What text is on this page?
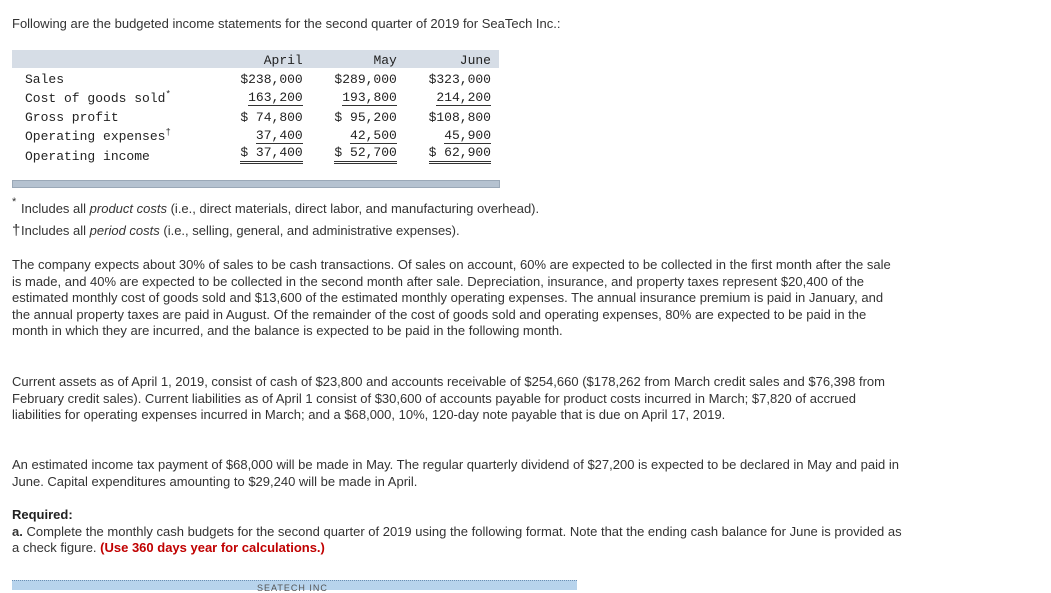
Following are the budgeted income statements for the second quarter of 2019 for SeaTech Inc.:

	April		May		June
Sales	$238,000		$289,000		$323,000
Cost of goods sold*	163,200		193,800		214,200
Gross profit	$ 74,800		$ 95,200		$108,800
Operating expenses†	37,400		42,500		45,900
Operating income	$ 37,400		$ 52,700		$ 62,900
* Includes all product costs (i.e., direct materials, direct labor, and manufacturing overhead).
†Includes all period costs (i.e., selling, general, and administrative expenses).

The company expects about 30% of sales to be cash transactions. Of sales on account, 60% are expected to be collected in the first month after the sale is made, and 40% are expected to be collected in the second month after sale. Depreciation, insurance, and property taxes represent $20,400 of the estimated monthly cost of goods sold and $13,600 of the estimated monthly operating expenses. The annual insurance premium is paid in January, and the annual property taxes are paid in August. Of the remainder of the cost of goods sold and operating expenses, 80% are expected to be paid in the month in which they are incurred, and the balance is expected to be paid in the following month.

Current assets as of April 1, 2019, consist of cash of $23,800 and accounts receivable of $254,660 ($178,262 from March credit sales and $76,398 from February credit sales). Current liabilities as of April 1 consist of $30,600 of accounts payable for product costs incurred in March; $7,820 of accrued liabilities for operating expenses incurred in March; and a $68,000, 10%, 120-day note payable that is due on April 17, 2019.

An estimated income tax payment of $68,000 will be made in May. The regular quarterly dividend of $27,200 is expected to be declared in May and paid in June. Capital expenditures amounting to $29,240 will be made in April.

Required:
a. Complete the monthly cash budgets for the second quarter of 2019 using the following format. Note that the ending cash balance for June is provided as a check figure. (Use 360 days year for calculations.)
SEATECH INC
